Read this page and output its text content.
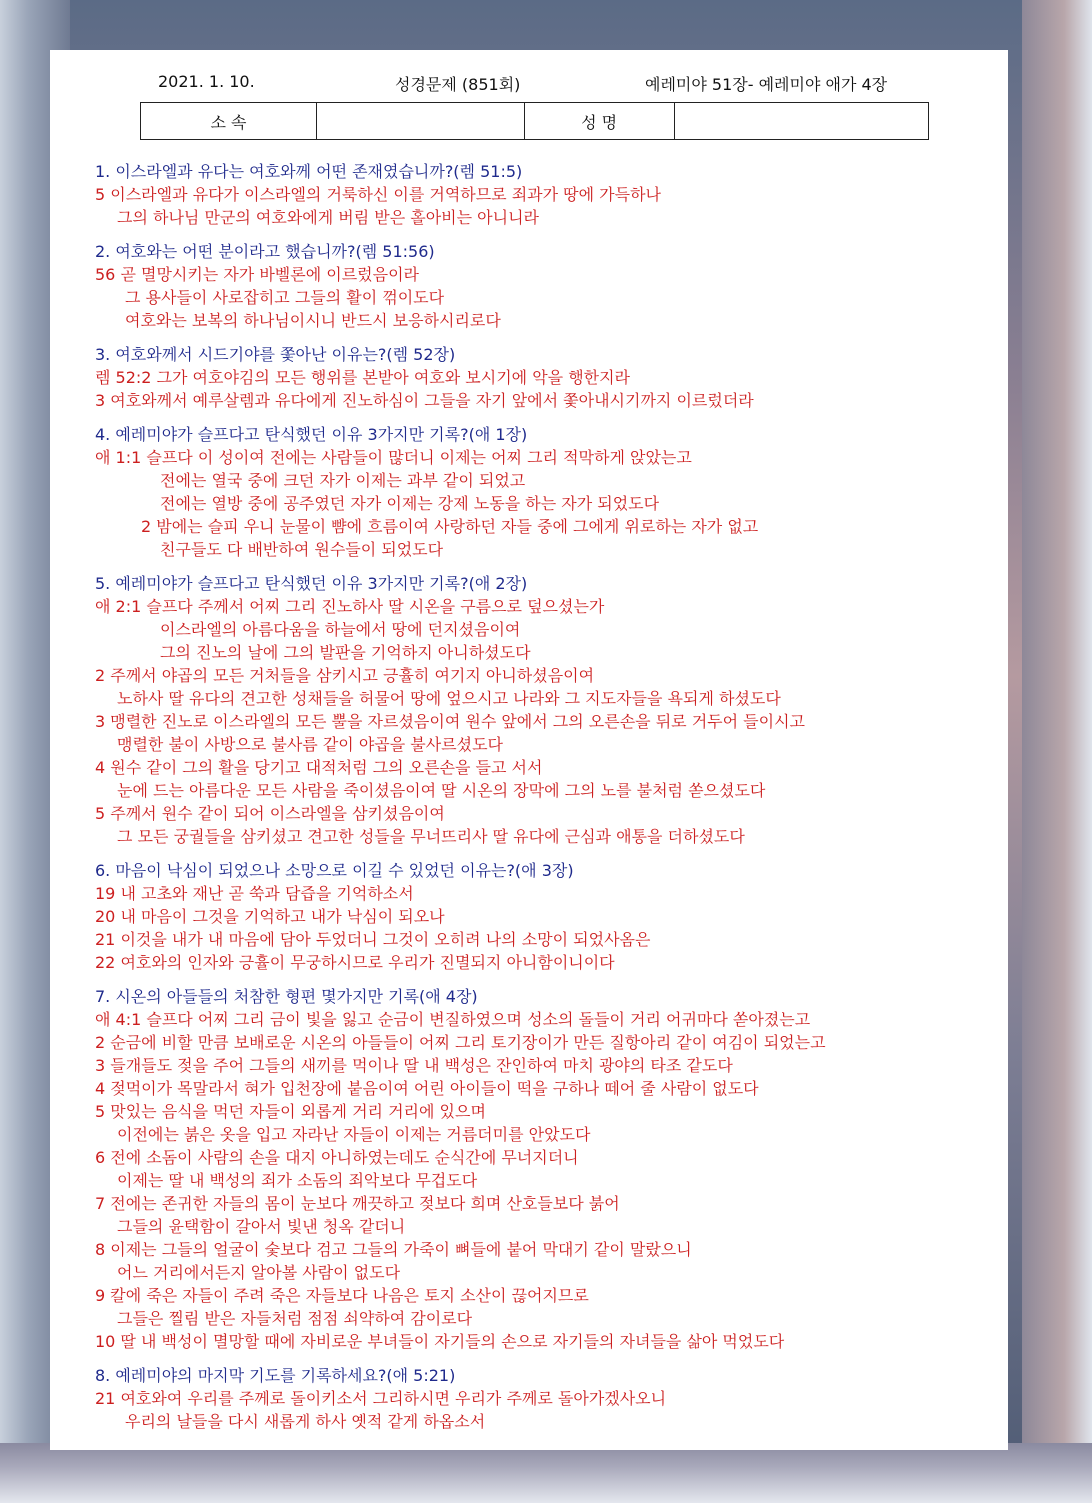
2021. 1. 10.	성경문제 (851회)	예레미야 51장- 예레미야 애가 4장
소 속		성 명	
1. 이스라엘과 유다는 여호와께 어떤 존재였습니까?(렘 51:5)
5 이스라엘과 유다가 이스라엘의 거룩하신 이를 거역하므로 죄과가 땅에 가득하나
그의 하나님 만군의 여호와에게 버림 받은 홀아비는 아니니라
2. 여호와는 어떤 분이라고 했습니까?(렘 51:56)
56 곧 멸망시키는 자가 바벨론에 이르렀음이라
그 용사들이 사로잡히고 그들의 활이 꺾이도다
여호와는 보복의 하나님이시니 반드시 보응하시리로다
3. 여호와께서 시드기야를 쫓아난 이유는?(렘 52장)
렘 52:2 그가 여호야김의 모든 행위를 본받아 여호와 보시기에 악을 행한지라
3 여호와께서 예루살렘과 유다에게 진노하심이 그들을 자기 앞에서 쫓아내시기까지 이르렀더라
4. 예레미야가 슬프다고 탄식했던 이유 3가지만 기록?(애 1장)
애 1:1 슬프다 이 성이여 전에는 사람들이 많더니 이제는 어찌 그리 적막하게 앉았는고
전에는 열국 중에 크던 자가 이제는 과부 같이 되었고
전에는 열방 중에 공주였던 자가 이제는 강제 노동을 하는 자가 되었도다
2 밤에는 슬피 우니 눈물이 뺨에 흐름이여 사랑하던 자들 중에 그에게 위로하는 자가 없고
친구들도 다 배반하여 원수들이 되었도다
5. 예레미야가 슬프다고 탄식했던 이유 3가지만 기록?(애 2장)
애 2:1 슬프다 주께서 어찌 그리 진노하사 딸 시온을 구름으로 덮으셨는가
이스라엘의 아름다움을 하늘에서 땅에 던지셨음이여
그의 진노의 날에 그의 발판을 기억하지 아니하셨도다
2 주께서 야곱의 모든 거처들을 삼키시고 긍휼히 여기지 아니하셨음이여
노하사 딸 유다의 견고한 성채들을 허물어 땅에 엎으시고 나라와 그 지도자들을 욕되게 하셨도다
3 맹렬한 진노로 이스라엘의 모든 뿔을 자르셨음이여 원수 앞에서 그의 오른손을 뒤로 거두어 들이시고
맹렬한 불이 사방으로 불사름 같이 야곱을 불사르셨도다
4 원수 같이 그의 활을 당기고 대적처럼 그의 오른손을 들고 서서
눈에 드는 아름다운 모든 사람을 죽이셨음이여 딸 시온의 장막에 그의 노를 불처럼 쏟으셨도다
5 주께서 원수 같이 되어 이스라엘을 삼키셨음이여
그 모든 궁궐들을 삼키셨고 견고한 성들을 무너뜨리사 딸 유다에 근심과 애통을 더하셨도다
6. 마음이 낙심이 되었으나 소망으로 이길 수 있었던 이유는?(애 3장)
19 내 고초와 재난 곧 쑥과 담즙을 기억하소서
20 내 마음이 그것을 기억하고 내가 낙심이 되오나
21 이것을 내가 내 마음에 담아 두었더니 그것이 오히려 나의 소망이 되었사옴은
22 여호와의 인자와 긍휼이 무궁하시므로 우리가 진멸되지 아니함이니이다
7. 시온의 아들들의 처참한 형편 몇가지만 기록(애 4장)
애 4:1 슬프다 어찌 그리 금이 빛을 잃고 순금이 변질하였으며 성소의 돌들이 거리 어귀마다 쏟아졌는고
2 순금에 비할 만큼 보배로운 시온의 아들들이 어찌 그리 토기장이가 만든 질항아리 같이 여김이 되었는고
3 들개들도 젖을 주어 그들의 새끼를 먹이나 딸 내 백성은 잔인하여 마치 광야의 타조 같도다
4 젖먹이가 목말라서 혀가 입천장에 붙음이여 어린 아이들이 떡을 구하나 떼어 줄 사람이 없도다
5 맛있는 음식을 먹던 자들이 외롭게 거리 거리에 있으며
이전에는 붉은 옷을 입고 자라난 자들이 이제는 거름더미를 안았도다
6 전에 소돔이 사람의 손을 대지 아니하였는데도 순식간에 무너지더니
이제는 딸 내 백성의 죄가 소돔의 죄악보다 무겁도다
7 전에는 존귀한 자들의 몸이 눈보다 깨끗하고 젖보다 희며 산호들보다 붉어
그들의 윤택함이 갈아서 빛낸 청옥 같더니
8 이제는 그들의 얼굴이 숯보다 검고 그들의 가죽이 뼈들에 붙어 막대기 같이 말랐으니
어느 거리에서든지 알아볼 사람이 없도다
9 칼에 죽은 자들이 주려 죽은 자들보다 나음은 토지 소산이 끊어지므로
그들은 찔림 받은 자들처럼 점점 쇠약하여 감이로다
10 딸 내 백성이 멸망할 때에 자비로운 부녀들이 자기들의 손으로 자기들의 자녀들을 삶아 먹었도다
8. 예레미야의 마지막 기도를 기록하세요?(애 5:21)
21 여호와여 우리를 주께로 돌이키소서 그리하시면 우리가 주께로 돌아가겠사오니
우리의 날들을 다시 새롭게 하사 옛적 같게 하옵소서
